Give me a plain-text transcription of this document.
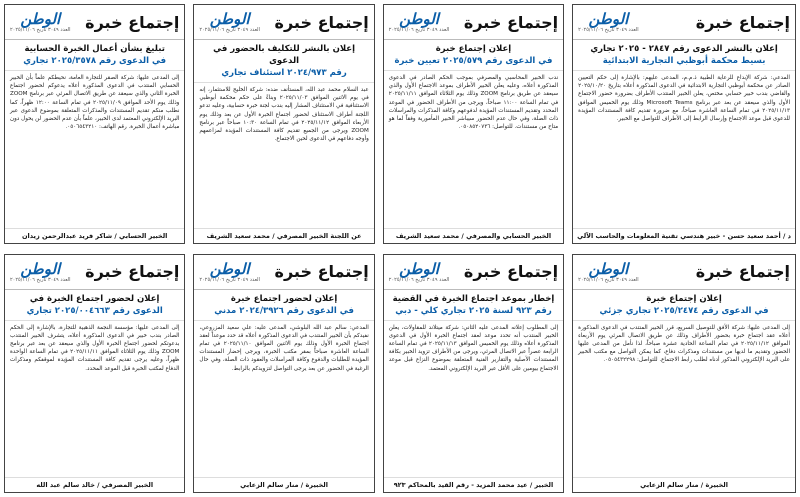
إجتماع خبرة
الوطن
العدد ٣٠٤٩ تاريخ ٢٠٢٥/١١/٠٦
إعلان بالنشر الدعوى رقم ٢٨٤٧ - ٢٠٢٥ تجاري
بسيط محكمة أبوظبي التجارية الابتدائية
المدعي: شركة الإبداع للرعاية الطبية ذ.م.م، المدعى عليهم: بالإشارة إلى حكم التعيين الصادر عن محكمة أبوظبي التجارية الابتدائية في الدعوى المذكورة أعلاه بتاريخ ٢٠٢٥/١٠/٢٠ والقاضي بندب خبير حسابي مختص، يعلن الخبير المنتدب الأطراف بضرورة حضور الاجتماع الأول والذي سيعقد عن بعد عبر برنامج Microsoft Teams وذلك يوم الخميس الموافق ٢٠٢٥/١١/١٣ في تمام الساعة العاشرة صباحاً، مع ضرورة تقديم كافة المستندات المؤيدة للدعوى قبل موعد الاجتماع وإرسال الرابط إلى الأطراف للتواصل مع الخبير.
د / أحمد سعيد حسن - خبير هندسي تقنية المعلومات والحاسب الآلي
إجتماع خبرة
الوطن
العدد ٣٠٤٩ تاريخ ٢٠٢٥/١١/٠٦
إعلان إجتماع خبرة
في الدعوى رقم ٢٠٢٥/٥٧٩ تعيين خبرة
ندب الخبير المحاسبي والمصرفي بموجب الحكم الصادر في الدعوى المذكورة أعلاه، وعليه يعلن الخبير الأطراف بموعد الاجتماع الأول والذي سيعقد عن طريق برنامج ZOOM وذلك يوم الثلاثاء الموافق ٢٠٢٥/١١/١١ في تمام الساعة ١١:٠٠ صباحاً، ويرجى من الأطراف الحضور في الموعد المحدد وتقديم المستندات المؤيدة لدفوعهم وكافة المذكرات والمراسلات ذات الصلة، وفي حال عدم الحضور سيباشر الخبير المأمورية وفقاً لما هو متاح من مستندات. للتواصل: ٠٥٠٨٥٢٠٧٣٦.
الخبير الحسابي والمصرفي / محمد سعيد الشريف
إجتماع خبرة
الوطن
العدد ٣٠٤٩ تاريخ ٢٠٢٥/١١/٠٦
إعلان بالنشر للتكليف بالحضور في الدعوى
رقم ٢٠٢٤/٩٧٣ استئناف تجاري
عبد السلام محمد عبد الله، المستأنف ضده: شركة الخليج للاستثمار، إنه في يوم الاثنين الموافق ٢٠٢٥/١١/٠٣ وبناءً على حكم محكمة أبوظبي الاستئنافية في الاستئناف المشار إليه بندب لجنة خبرة حسابية، وعليه تدعو اللجنة أطراف الاستئناف لحضور اجتماع الخبرة الأول عن بعد وذلك يوم الأربعاء الموافق ٢٠٢٥/١١/١٢ في تمام الساعة ١٠:٣٠ صباحاً عبر برنامج ZOOM ويرجى من الجميع تقديم كافة المستندات المؤيدة لمزاعمهم وأوجه دفاعهم في الدعوى لحين الاجتماع.
عن اللجنة الخبير المصرفي / محمد سعيد الشريف
إجتماع خبرة
الوطن
العدد ٣٠٤٩ تاريخ ٢٠٢٥/١١/٠٦
تبليغ بشأن أعمال الخبرة الحسابية
في الدعوى رقم ٢٠٢٥/٣٥٧٨ تجاري
إلى المدعى عليها: شركة الصقر للتجارة العامة، نحيطكم علماً بأن الخبير الحسابي المنتدب في الدعوى المذكورة أعلاه يدعوكم لحضور اجتماع الخبرة الثاني والذي سيعقد عن طريق الاتصال المرئي عبر برنامج ZOOM وذلك يوم الأحد الموافق ٢٠٢٥/١١/٠٩ في تمام الساعة ١٢:٠٠ ظهراً، كما نطلب منكم تقديم المستندات والمذكرات المتعلقة بموضوع الدعوى عبر البريد الإلكتروني المعتمد لدى الخبير، علماً بأن عدم الحضور لن يحول دون مباشرة أعمال الخبرة. رقم الهاتف: ٠٥٠٦٥٤٣٢١٠.
الخبير الحسابي / شاكر فريد عبدالرحمن زيدان
إجتماع خبرة
الوطن
العدد ٣٠٤٩ تاريخ ٢٠٢٥/١١/٠٦
إعلان إجتماع خبرة
في الدعوى رقم ٢٠٢٥/٢٤٧٤ تجاري جزئي
إلى المدعى عليها: شركة الأفق للتوصيل السريع، قرر الخبير المنتدب في الدعوى المذكورة أعلاه عقد اجتماع خبرة بحضور الأطراف وذلك عن طريق الاتصال المرئي يوم الأربعاء الموافق ٢٠٢٥/١١/١٢ في تمام الساعة الحادية عشرة صباحاً، لذا نأمل من المدعى عليها الحضور وتقديم ما لديها من مستندات ومذكرات دفاع، كما يمكن التواصل مع مكتب الخبير على البريد الإلكتروني المذكور أدناه لطلب رابط الاجتماع. للتواصل: ٠٥٠٥٤٣٢٢٩٨.
الخبيرة / منار سالم الزعابي
إجتماع خبرة
الوطن
العدد ٣٠٤٩ تاريخ ٢٠٢٥/١١/٠٦
إخطار بموعد اجتماع الخبرة في القضية
رقم ٩٢٣ لسنة ٢٠٢٥ تجاري كلي - دبي
إلى المطلوب إعلانه المدعى عليه الثاني: شركة ميتلاند للمقاولات، يعلن الخبير المنتدب أنه تحدد موعد لعقد اجتماع الخبرة الأول في الدعوى المذكورة أعلاه وذلك يوم الخميس الموافق ٢٠٢٥/١١/١٣ في تمام الساعة الرابعة عصراً عبر الاتصال المرئي، ويرجى من الأطراف تزويد الخبير بكافة المستندات الأصلية والتقارير الفنية المتعلقة بموضوع النزاع قبل موعد الاجتماع بيومين على الأقل عبر البريد الإلكتروني المعتمد.
الخبير / عيد محمد المزيد - رقم القيد بالمحاكم ٩٢٣
إجتماع خبرة
الوطن
العدد ٣٠٤٩ تاريخ ٢٠٢٥/١١/٠٦
إعلان لحضور اجتماع خبرة
في الدعوى رقم ٢٠٢٤/٣٩٢٦ مدني
المدعي: سالم عبد الله البلوشي، المدعى عليه: علي سعيد المزروعي، نفيدكم بأن الخبير المنتدب في الدعوى المذكورة أعلاه قد حدد موعداً لعقد اجتماع الخبرة الأول وذلك يوم الاثنين الموافق ٢٠٢٥/١١/١٠ في تمام الساعة العاشرة صباحاً بمقر مكتب الخبرة، ويرجى إحضار المستندات المؤيدة للطلبات والدفوع وكافة المراسلات والعقود ذات الصلة، وفي حال الرغبة في الحضور عن بعد يرجى التواصل لتزويدكم بالرابط.
الخبيرة / منار سالم الزعابي
إجتماع خبرة
الوطن
العدد ٣٠٤٩ تاريخ ٢٠٢٥/١١/٠٦
إعلان لحضور اجتماع الخبرة في
الدعوى رقم ٢٠٢٥/٠٠٤٦٦٣ تجاري
إلى المدعى عليها: مؤسسة النجمة الذهبية للتجارة، بالإشارة إلى الحكم الصادر بندب خبير في الدعوى المذكورة أعلاه، يتشرف الخبير المنتدب بدعوتكم لحضور اجتماع الخبرة الأول والذي سيعقد عن بعد عبر برنامج ZOOM وذلك يوم الثلاثاء الموافق ٢٠٢٥/١١/١١ في تمام الساعة الواحدة ظهراً، وعليه يرجى تقديم كافة المستندات المؤيدة لموقفكم ومذكرات الدفاع لمكتب الخبرة قبل الموعد المحدد.
الخبير المصرفي / خالد سالم عبد الله
